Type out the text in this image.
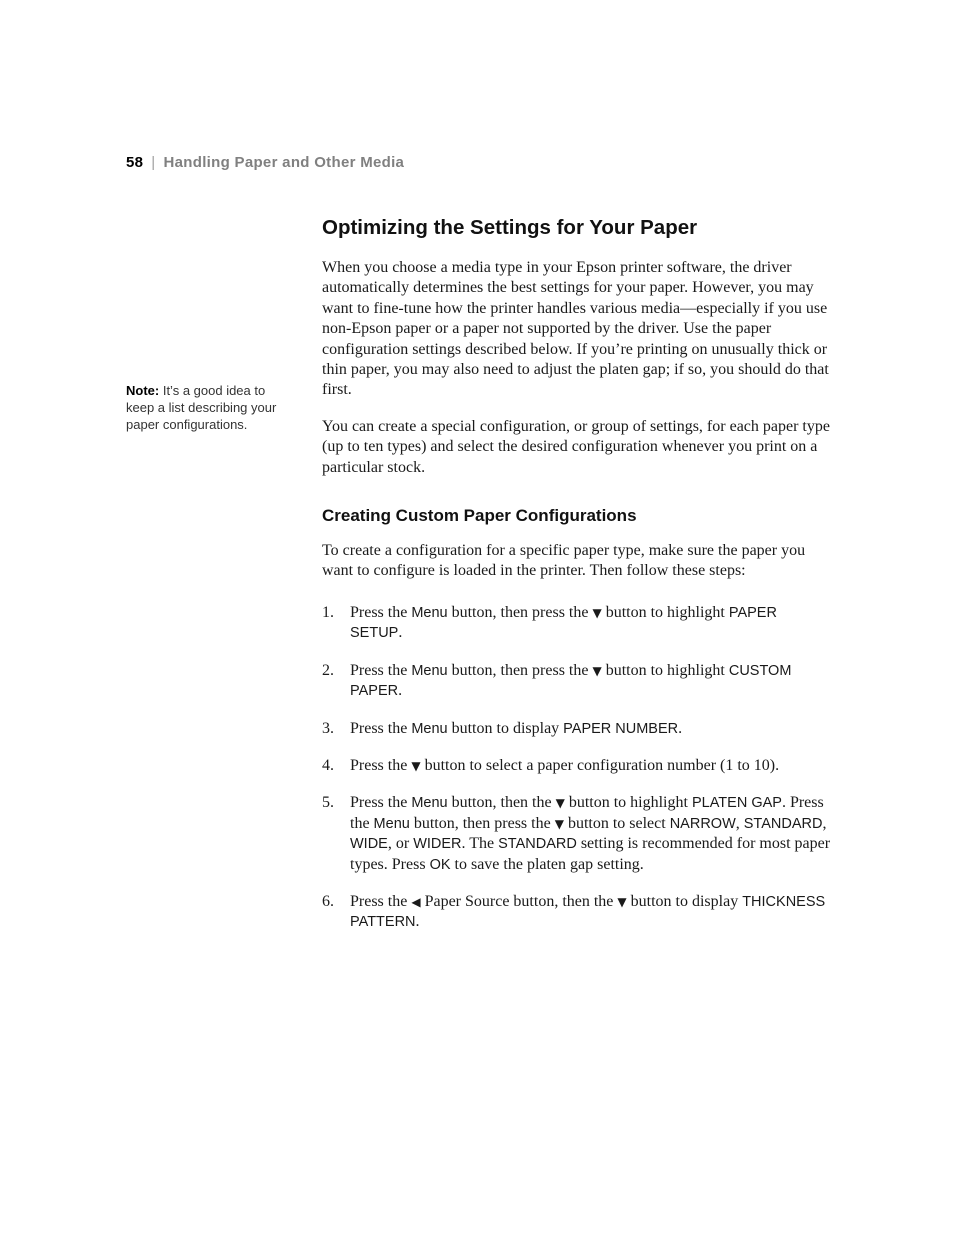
58 | Handling Paper and Other Media
Note: It’s a good idea to keep a list describing your paper configurations.
Optimizing the Settings for Your Paper

When you choose a media type in your Epson printer software, the driver automatically determines the best settings for your paper. However, you may want to fine-tune how the printer handles various media—especially if you use non-Epson paper or a paper not supported by the driver. Use the paper configuration settings described below. If you’re printing on unusually thick or thin paper, you may also need to adjust the platen gap; if so, you should do that first.

You can create a special configuration, or group of settings, for each paper type (up to ten types) and select the desired configuration whenever you print on a particular stock.

Creating Custom Paper Configurations

To create a configuration for a specific paper type, make sure the paper you want to configure is loaded in the printer. Then follow these steps:

1. Press the Menu button, then press the ▼ button to highlight PAPER SETUP.
2. Press the Menu button, then press the ▼ button to highlight CUSTOM PAPER.
3. Press the Menu button to display PAPER NUMBER.
4. Press the ▼ button to select a paper configuration number (1 to 10).
5. Press the Menu button, then the ▼ button to highlight PLATEN GAP. Press the Menu button, then press the ▼ button to select NARROW, STANDARD, WIDE, or WIDER. The STANDARD setting is recommended for most paper types. Press OK to save the platen gap setting.
6. Press the ◀ Paper Source button, then the ▼ button to display THICKNESS PATTERN.
